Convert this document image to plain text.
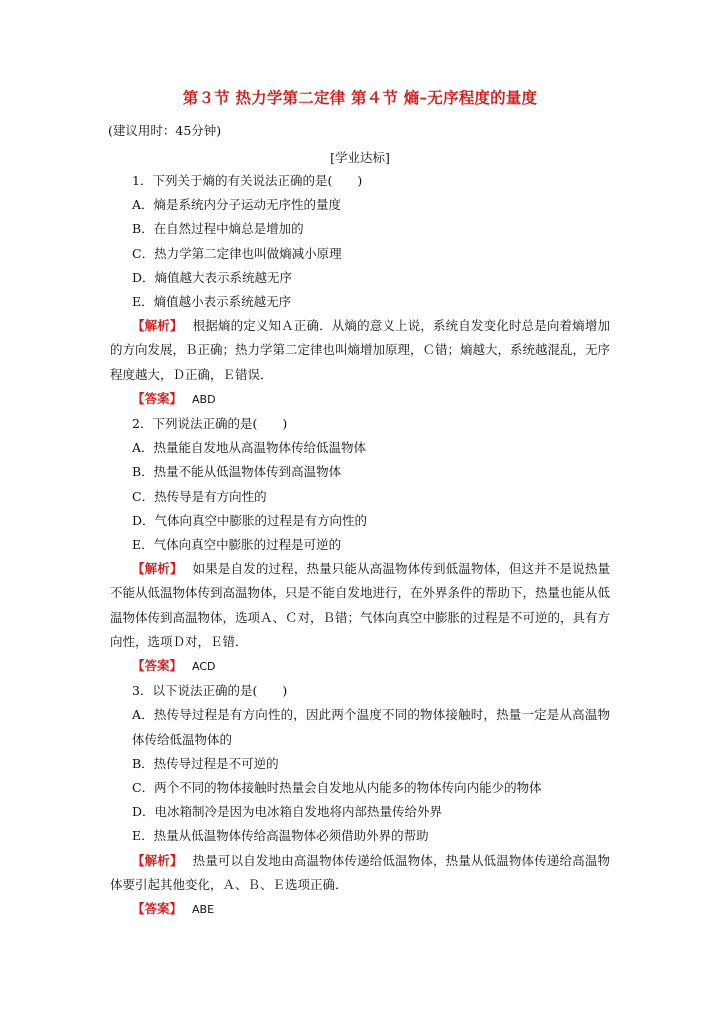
第３节 热力学第二定律 第４节 熵–无序程度的量度
(建议用时：45分钟)
[学业达标]

1．下列关于熵的有关说法正确的是(　　)

A．熵是系统内分子运动无序性的量度

B．在自然过程中熵总是增加的

C．热力学第二定律也叫做熵减小原理

D．熵值越大表示系统越无序

E．熵值越小表示系统越无序

【解析】 根据熵的定义知Ａ正确．从熵的意义上说，系统自发变化时总是向着熵增加的方向发展，Ｂ正确；热力学第二定律也叫熵增加原理，Ｃ错；熵越大，系统越混乱，无序程度越大，Ｄ正确，Ｅ错误．

【答案】 ABD

2．下列说法正确的是(　　)

A．热量能自发地从高温物体传给低温物体

B．热量不能从低温物体传到高温物体

C．热传导是有方向性的

D．气体向真空中膨胀的过程是有方向性的

E．气体向真空中膨胀的过程是可逆的

【解析】 如果是自发的过程，热量只能从高温物体传到低温物体，但这并不是说热量不能从低温物体传到高温物体，只是不能自发地进行，在外界条件的帮助下，热量也能从低温物体传到高温物体，选项Ａ、Ｃ对，Ｂ错；气体向真空中膨胀的过程是不可逆的，具有方向性，选项Ｄ对，Ｅ错．

【答案】 ACD

3．以下说法正确的是(　　)

A．热传导过程是有方向性的，因此两个温度不同的物体接触时，热量一定是从高温物体传给低温物体的

B．热传导过程是不可逆的

C．两个不同的物体接触时热量会自发地从内能多的物体传向内能少的物体

D．电冰箱制冷是因为电冰箱自发地将内部热量传给外界

E．热量从低温物体传给高温物体必须借助外界的帮助

【解析】 热量可以自发地由高温物体传递给低温物体，热量从低温物体传递给高温物体要引起其他变化，Ａ、Ｂ、Ｅ选项正确．

【答案】 ABE
